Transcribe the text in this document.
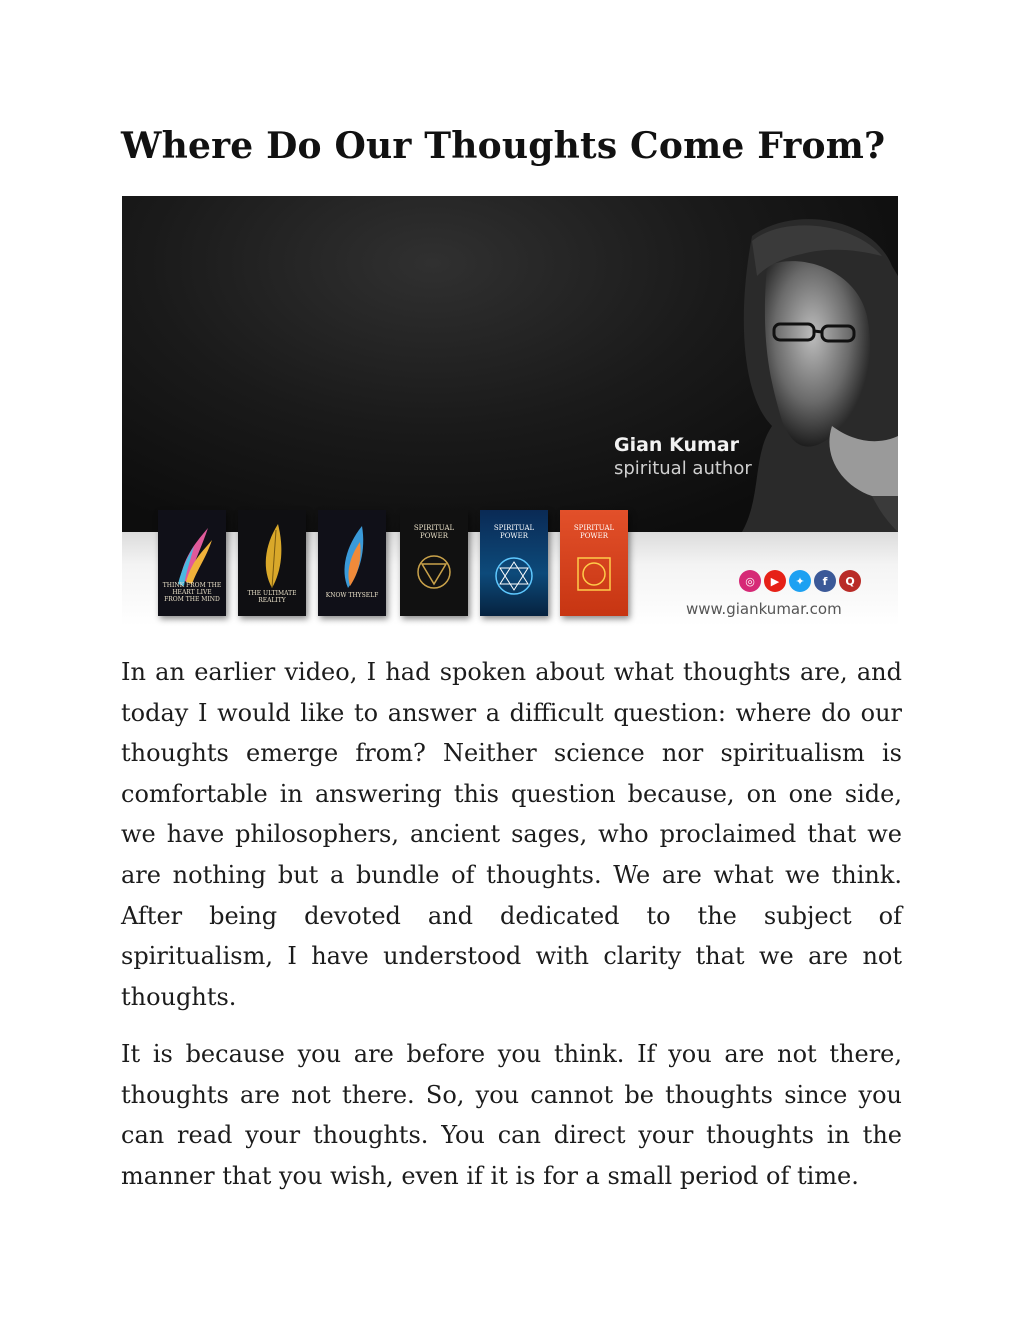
Where Do Our Thoughts Come From?
Gian Kumar
spiritual author
THINK FROM THE HEART LIVE FROM THE MIND
THE ULTIMATE REALITY
KNOW THYSELF
SPIRITUAL POWER
SPIRITUAL POWER
SPIRITUAL POWER
◎	▶	✦	f	Q
www.giankumar.com

In an earlier video, I had spoken about what thoughts are, and today I would like to answer a difficult question: where do our thoughts emerge from? Neither science nor spiritualism is comfortable in answering this question because, on one side, we have philosophers, ancient sages, who proclaimed that we are nothing but a bundle of thoughts. We are what we think. After being devoted and dedicated to the subject of spiritualism, I have understood with clarity that we are not thoughts.

It is because you are before you think. If you are not there, thoughts are not there. So, you cannot be thoughts since you can read your thoughts. You can direct your thoughts in the manner that you wish, even if it is for a small period of time.
